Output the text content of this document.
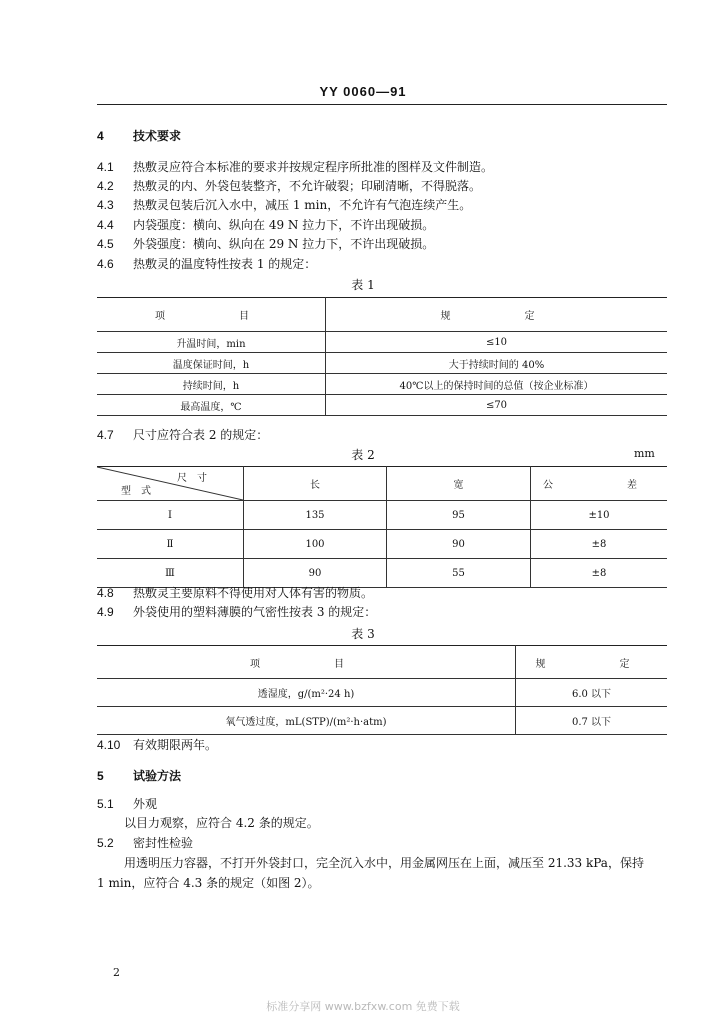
YY 0060—91
4 技术要求
4.1 热敷灵应符合本标准的要求并按规定程序所批准的图样及文件制造。
4.2 热敷灵的内、外袋包装整齐，不允许破裂；印刷清晰，不得脱落。
4.3 热敷灵包装后沉入水中，减压 1 min，不允许有气泡连续产生。
4.4 内袋强度：横向、纵向在 49 N 拉力下，不许出现破损。
4.5 外袋强度：横向、纵向在 29 N 拉力下，不许出现破损。
4.6 热敷灵的温度特性按表 1 的规定：
表 1
项　　目	规　　定
升温时间，min	≤10
温度保证时间，h	大于持续时间的 40%
持续时间，h	40℃以上的保持时间的总值（按企业标准）
最高温度，℃	≤70
4.7 尺寸应符合表 2 的规定：
表 2	mm
尺寸
型式	长	宽	公　　差
Ⅰ	135	95	±10
Ⅱ	100	90	±8
Ⅲ	90	55	±8
4.8 热敷灵主要原料不得使用对人体有害的物质。
4.9 外袋使用的塑料薄膜的气密性按表 3 的规定：
表 3
项　　目	规　　定
透湿度，g/(m²·24 h)	6.0 以下
氧气透过度，mL(STP)/(m²·h·atm)	0.7 以下
4.10 有效期限两年。
5 试验方法
5.1 外观
以目力观察，应符合 4.2 条的规定。
5.2 密封性检验
用透明压力容器，不打开外袋封口，完全沉入水中，用金属网压在上面，减压至 21.33 kPa，保持
1 min，应符合 4.3 条的规定（如图 2）。
2
标准分享网 www.bzfxw.com 免费下载
